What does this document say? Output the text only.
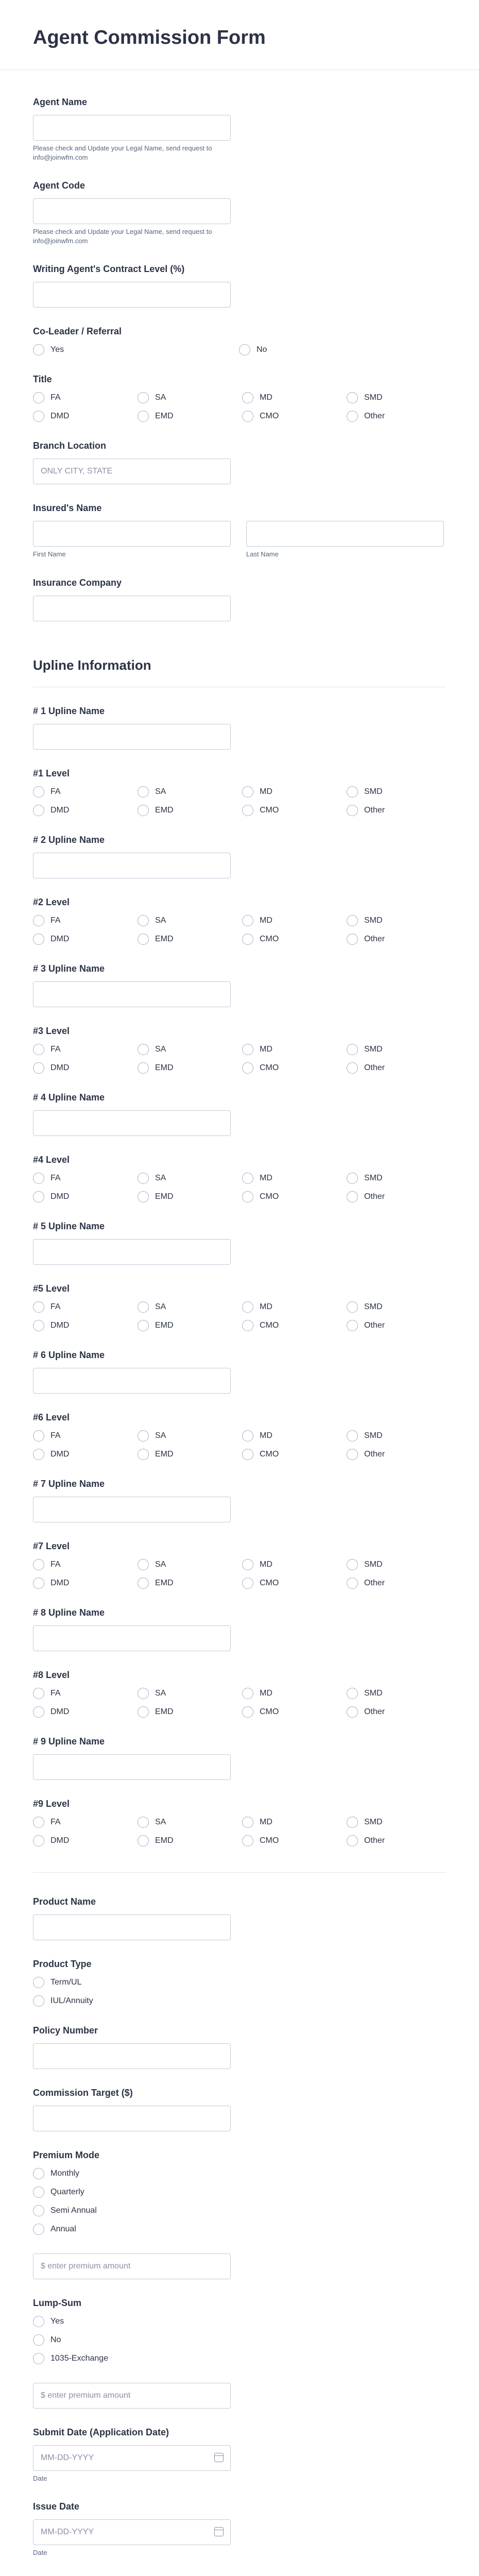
Agent Commission Form
Agent Name
Please check and Update your Legal Name, send request to info@joinwfm.com
Agent Code
Please check and Update your Legal Name, send request to info@joinwfm.com
Writing Agent's Contract Level (%)
Co-Leader / Referral
Yes	No
Title
FA	SA	MD	SMD
DMD	EMD	CMO	Other
Branch Location
ONLY CITY, STATE
Insured's Name
First Name	Last Name
Insurance Company
Upline Information
# 1 Upline Name
#1 Level
FA	SA	MD	SMD
DMD	EMD	CMO	Other
# 2 Upline Name
#2 Level
FA	SA	MD	SMD
DMD	EMD	CMO	Other
# 3 Upline Name
#3 Level
FA	SA	MD	SMD
DMD	EMD	CMO	Other
# 4 Upline Name
#4 Level
FA	SA	MD	SMD
DMD	EMD	CMO	Other
# 5 Upline Name
#5 Level
FA	SA	MD	SMD
DMD	EMD	CMO	Other
# 6 Upline Name
#6 Level
FA	SA	MD	SMD
DMD	EMD	CMO	Other
# 7 Upline Name
#7 Level
FA	SA	MD	SMD
DMD	EMD	CMO	Other
# 8 Upline Name
#8 Level
FA	SA	MD	SMD
DMD	EMD	CMO	Other
# 9 Upline Name
#9 Level
FA	SA	MD	SMD
DMD	EMD	CMO	Other
Product Name
Product Type
Term/UL
IUL/Annuity
Policy Number
Commission Target ($)
Premium Mode
Monthly
Quarterly
Semi Annual
Annual
$ enter premium amount
Lump-Sum
Yes
No
1035-Exchange
$ enter premium amount
Submit Date (Application Date)
MM-DD-YYYY
Date
Issue Date
MM-DD-YYYY
Date
